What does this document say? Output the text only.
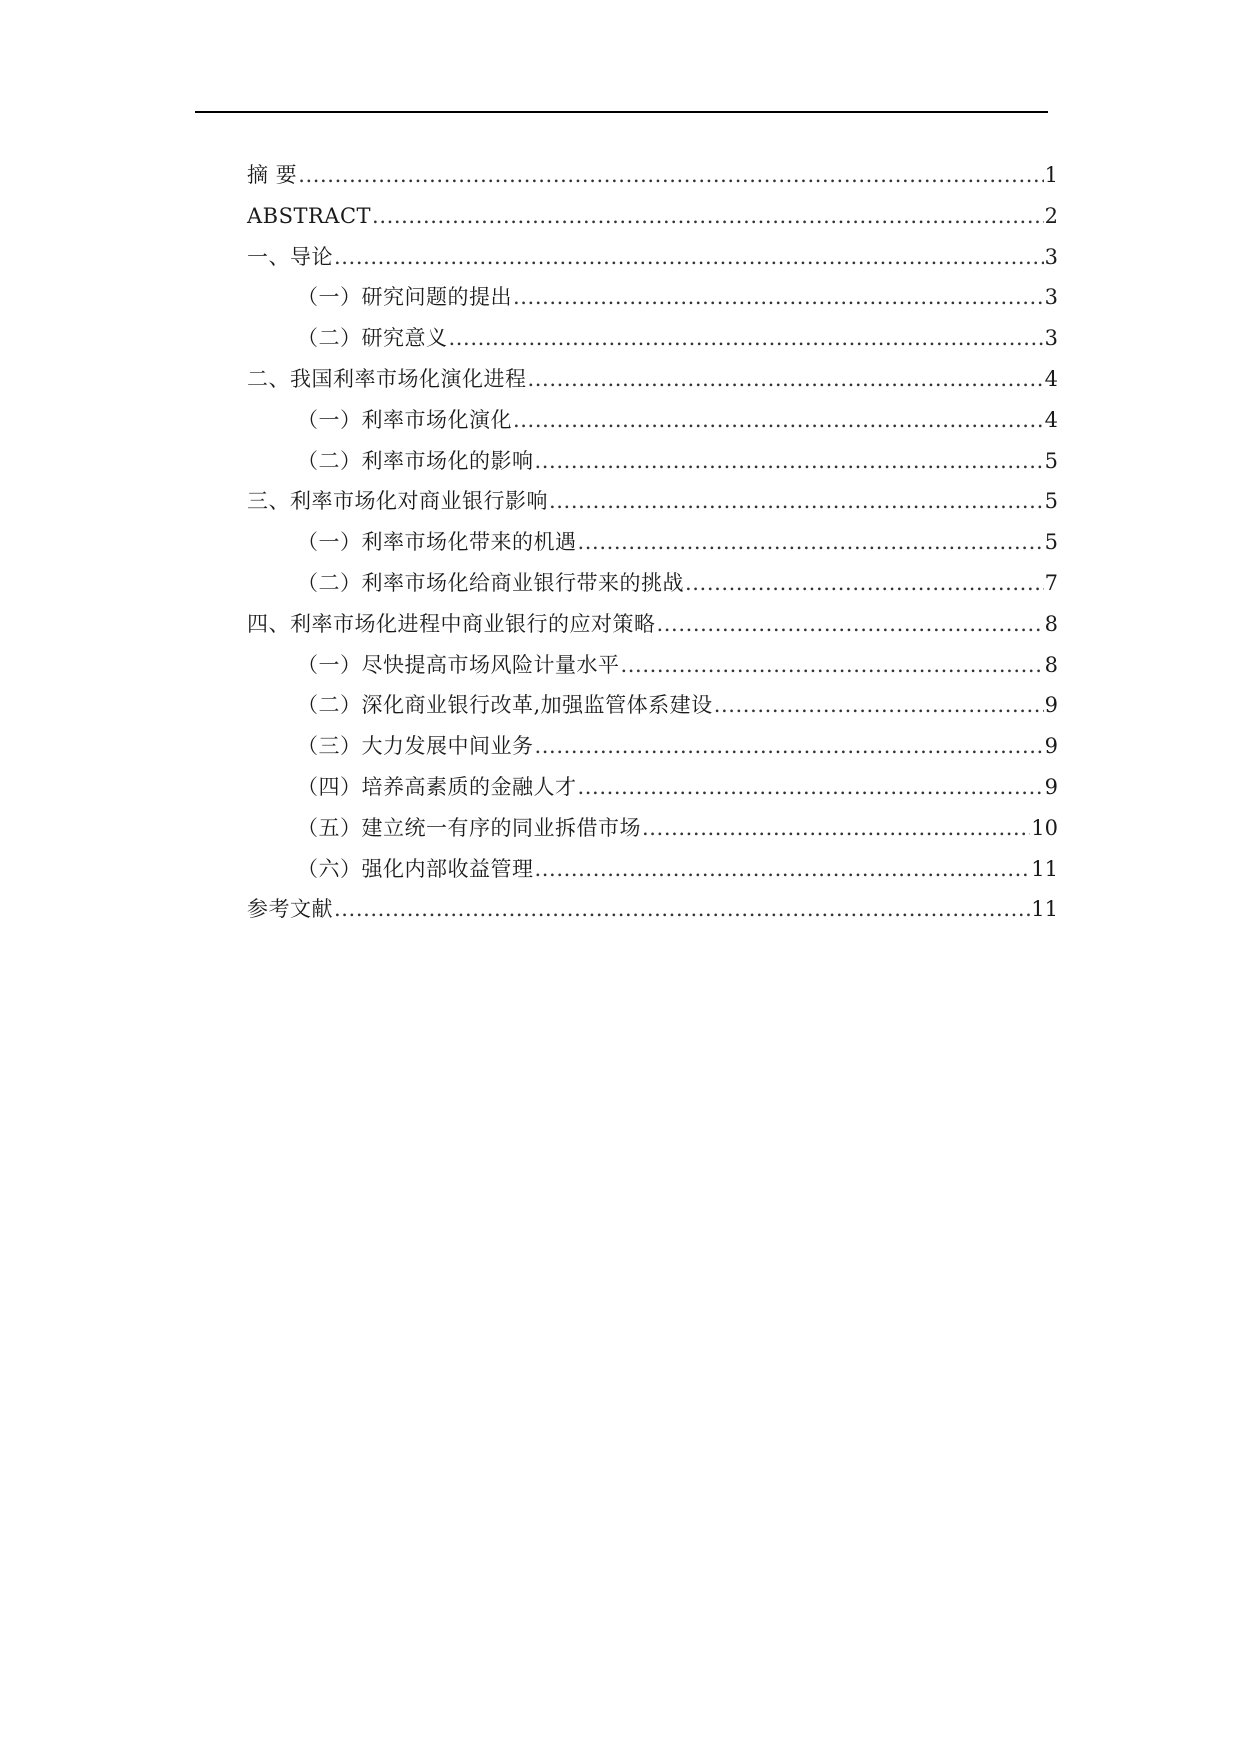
摘 要 .....	1
ABSTRACT .....	2
一、导论 .....	3
（一）研究问题的提出 .....	3
（二）研究意义 .....	3
二、我国利率市场化演化进程 .....	4
（一）利率市场化演化 .....	4
（二）利率市场化的影响 .....	5
三、利率市场化对商业银行影响 .....	5
（一）利率市场化带来的机遇 .....	5
（二）利率市场化给商业银行带来的挑战 .....	7
四、利率市场化进程中商业银行的应对策略 .....	8
（一）尽快提高市场风险计量水平 .....	8
（二）深化商业银行改革,加强监管体系建设 .....	9
（三）大力发展中间业务 .....	9
（四）培养高素质的金融人才 .....	9
（五）建立统一有序的同业拆借市场 .....	10
（六）强化内部收益管理 .....	11
参考文献 .....	11
